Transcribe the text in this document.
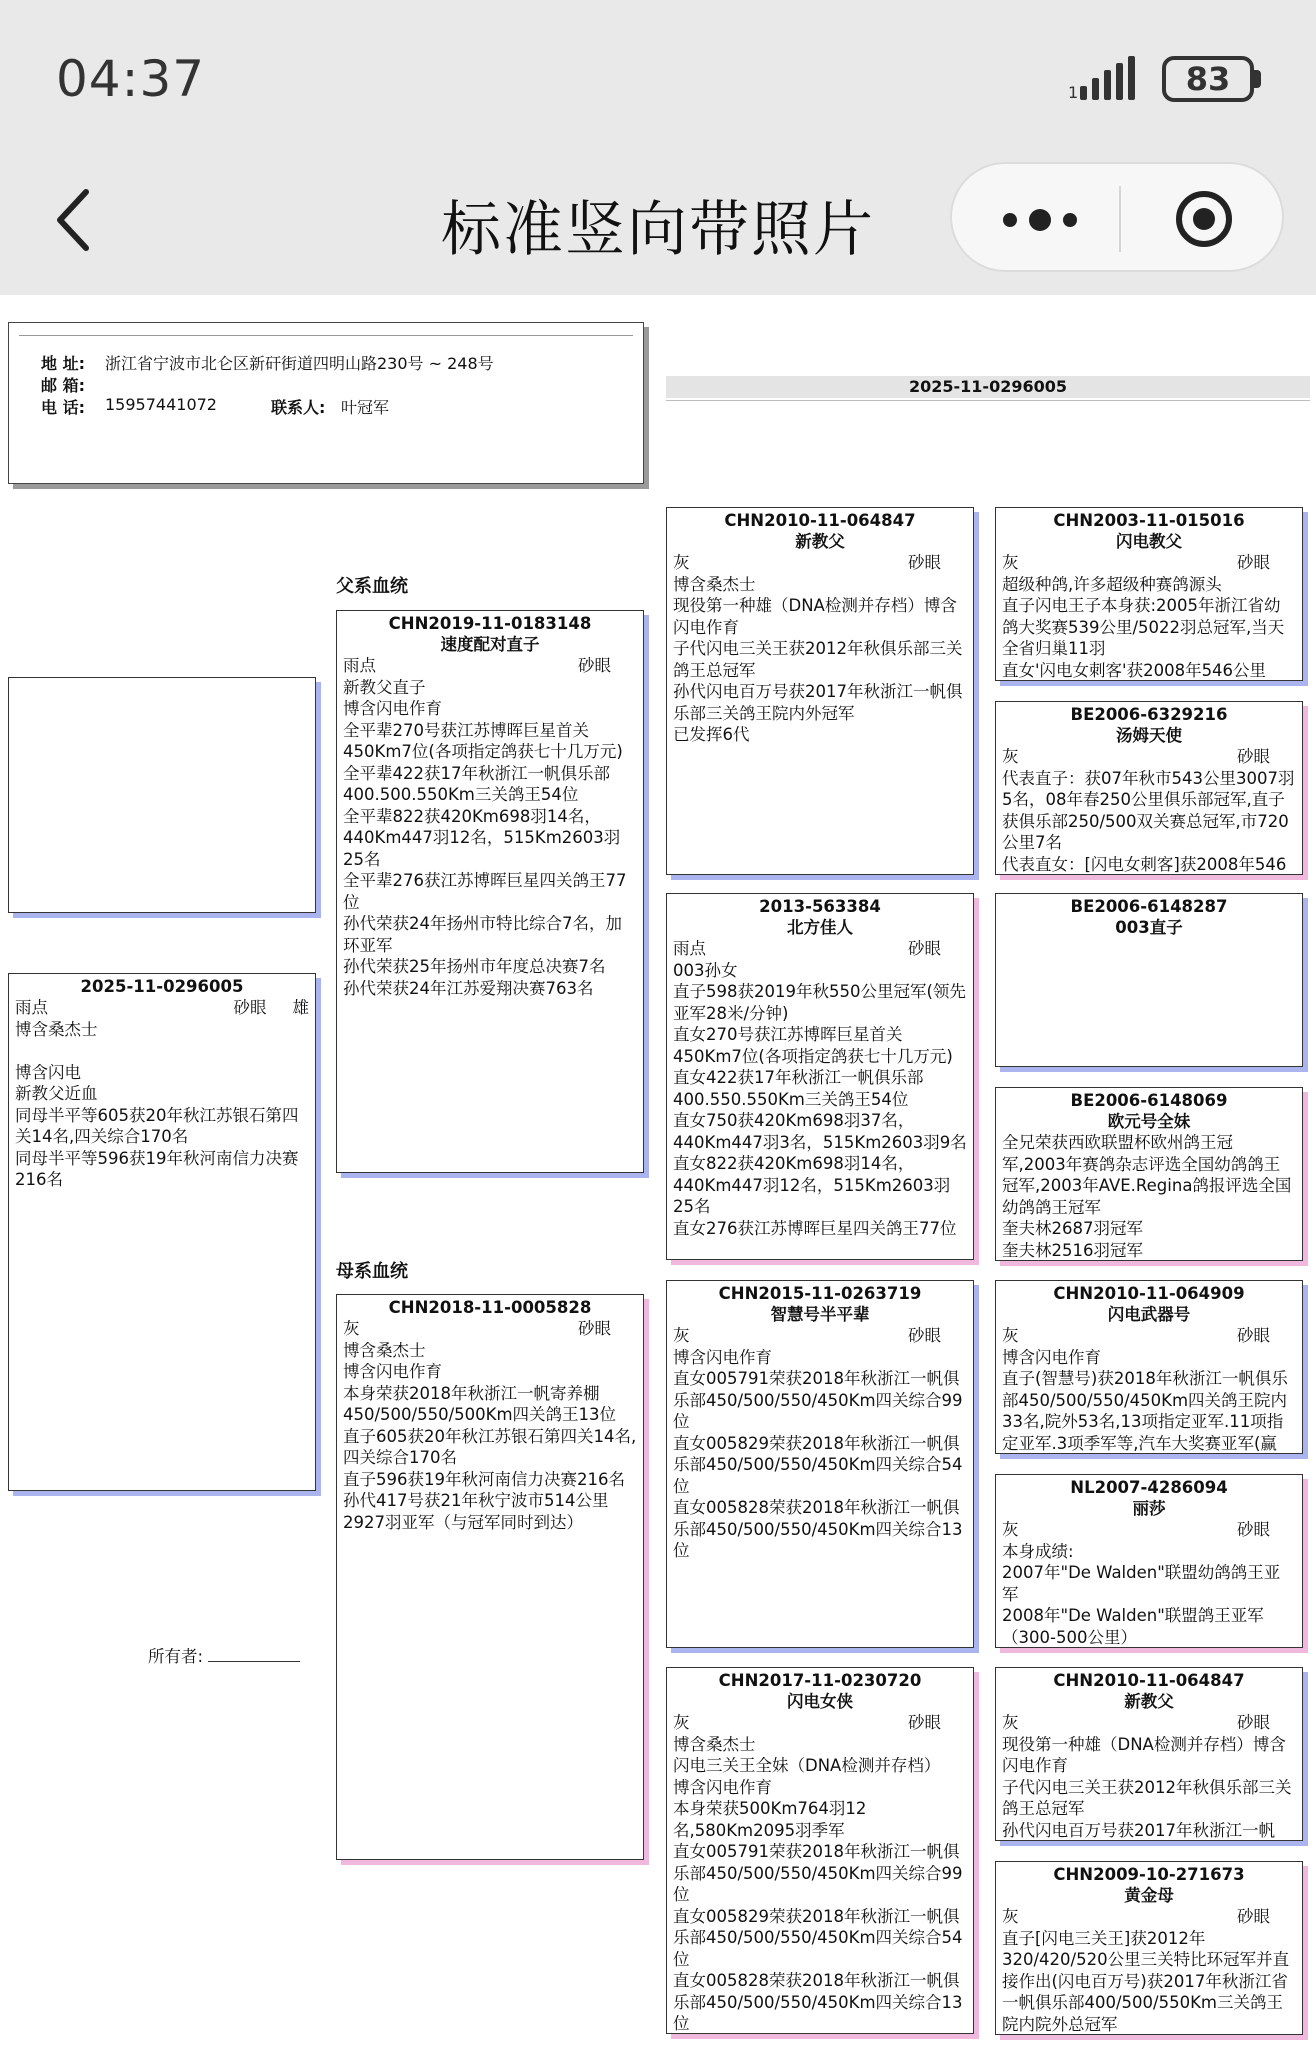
04:37	1	83
标准竖向带照片
地 址: 浙江省宁波市北仑区新矸街道四明山路230号 ~ 248号
邮 箱:
电 话: 15957441072	联系人: 叶冠军
2025-11-0296005
2025-11-0296005
雨点	砂眼 雄
博含桑杰士

博含闪电
新教父近血
同母半平等605获20年秋江苏银石第四关14名,四关综合170名
同母半平等596获19年秋河南信力决赛216名
所有者:
父系血统
母系血统
CHN2019-11-0183148
速度配对直子
雨点	砂眼
新教父直子
博含闪电作育
全平辈270号获江苏博晖巨星首关450Km7位(各项指定鸽获七十几万元)
全平辈422获17年秋浙江一帆俱乐部400.500.550Km三关鸽王54位
全平辈822获420Km698羽14名，440Km447羽12名，515Km2603羽25名
全平辈276获江苏博晖巨星四关鸽王77位
孙代荣获24年扬州市特比综合7名，加环亚军
孙代荣获25年扬州市年度总决赛7名
孙代荣获24年江苏爱翔决赛763名
CHN2018-11-0005828
灰	砂眼
博含桑杰士
博含闪电作育
本身荣获2018年秋浙江一帆寄养棚450/500/550/500Km四关鸽王13位
直子605获20年秋江苏银石第四关14名,四关综合170名
直子596获19年秋河南信力决赛216名
孙代417号获21年秋宁波市514公里2927羽亚军（与冠军同时到达）
CHN2010-11-064847
新教父
灰	砂眼
博含桑杰士
现役第一种雄（DNA检测并存档）博含闪电作育
子代闪电三关王获2012年秋俱乐部三关鸽王总冠军
孙代闪电百万号获2017年秋浙江一帆俱乐部三关鸽王院内外冠军
已发挥6代
2013-563384
北方佳人
雨点	砂眼
003孙女
直子598获2019年秋550公里冠军(领先亚军28米/分钟)
直女270号获江苏博晖巨星首关450Km7位(各项指定鸽获七十几万元)
直女422获17年秋浙江一帆俱乐部400.550.550Km三关鸽王54位
直女750获420Km698羽37名，440Km447羽3名，515Km2603羽9名
直女822获420Km698羽14名，440Km447羽12名，515Km2603羽25名
直女276获江苏博晖巨星四关鸽王77位
CHN2015-11-0263719
智慧号半平辈
灰	砂眼
博含闪电作育
直女005791荣获2018年秋浙江一帆俱乐部450/500/550/450Km四关综合99位
直女005829荣获2018年秋浙江一帆俱乐部450/500/550/450Km四关综合54位
直女005828荣获2018年秋浙江一帆俱乐部450/500/550/450Km四关综合13位
CHN2017-11-0230720
闪电女侠
灰	砂眼
博含桑杰士
闪电三关王全妹（DNA检测并存档）
博含闪电作育
本身荣获500Km764羽12名,580Km2095羽季军
直女005791荣获2018年秋浙江一帆俱乐部450/500/550/450Km四关综合99位
直女005829荣获2018年秋浙江一帆俱乐部450/500/550/450Km四关综合54位
直女005828荣获2018年秋浙江一帆俱乐部450/500/550/450Km四关综合13位
CHN2003-11-015016
闪电教父
灰	砂眼
超级种鸽,许多超级种赛鸽源头
直子闪电王子本身获:2005年浙江省幼鸽大奖赛539公里/5022羽总冠军,当天全省归巢11羽
直女'闪电女刺客'获2008年546公里
BE2006-6329216
汤姆天使
灰	砂眼
代表直子：获07年秋市543公里3007羽5名，08年春250公里俱乐部冠军,直子获俱乐部250/500双关赛总冠军,市720公里7名
代表直女：[闪电女刺客]获2008年546
BE2006-6148287
003直子
BE2006-6148069
欧元号全妹
全兄荣获西欧联盟杯欧州鸽王冠军,2003年赛鸽杂志评选全国幼鸽鸽王冠军,2003年AVE.Regina鸽报评选全国幼鸽鸽王冠军
奎夫林2687羽冠军
奎夫林2516羽冠军
CHN2010-11-064909
闪电武器号
灰	砂眼
博含闪电作育
直子(智慧号)获2018年秋浙江一帆俱乐部450/500/550/450Km四关鸽王院内33名,院外53名,13项指定亚军.11项指定亚军.3项季军等,汽车大奖赛亚军(赢
NL2007-4286094
丽莎
灰	砂眼
本身成绩:
2007年"De Walden"联盟幼鸽鸽王亚军
2008年"De Walden"联盟鸽王亚军（300-500公里）
CHN2010-11-064847
新教父
灰	砂眼
现役第一种雄（DNA检测并存档）博含闪电作育
子代闪电三关王获2012年秋俱乐部三关鸽王总冠军
孙代闪电百万号获2017年秋浙江一帆
CHN2009-10-271673
黄金母
灰	砂眼
直子[闪电三关王]获2012年320/420/520公里三关特比环冠军并直接作出(闪电百万号)获2017年秋浙江省一帆俱乐部400/500/550Km三关鸽王院内院外总冠军
